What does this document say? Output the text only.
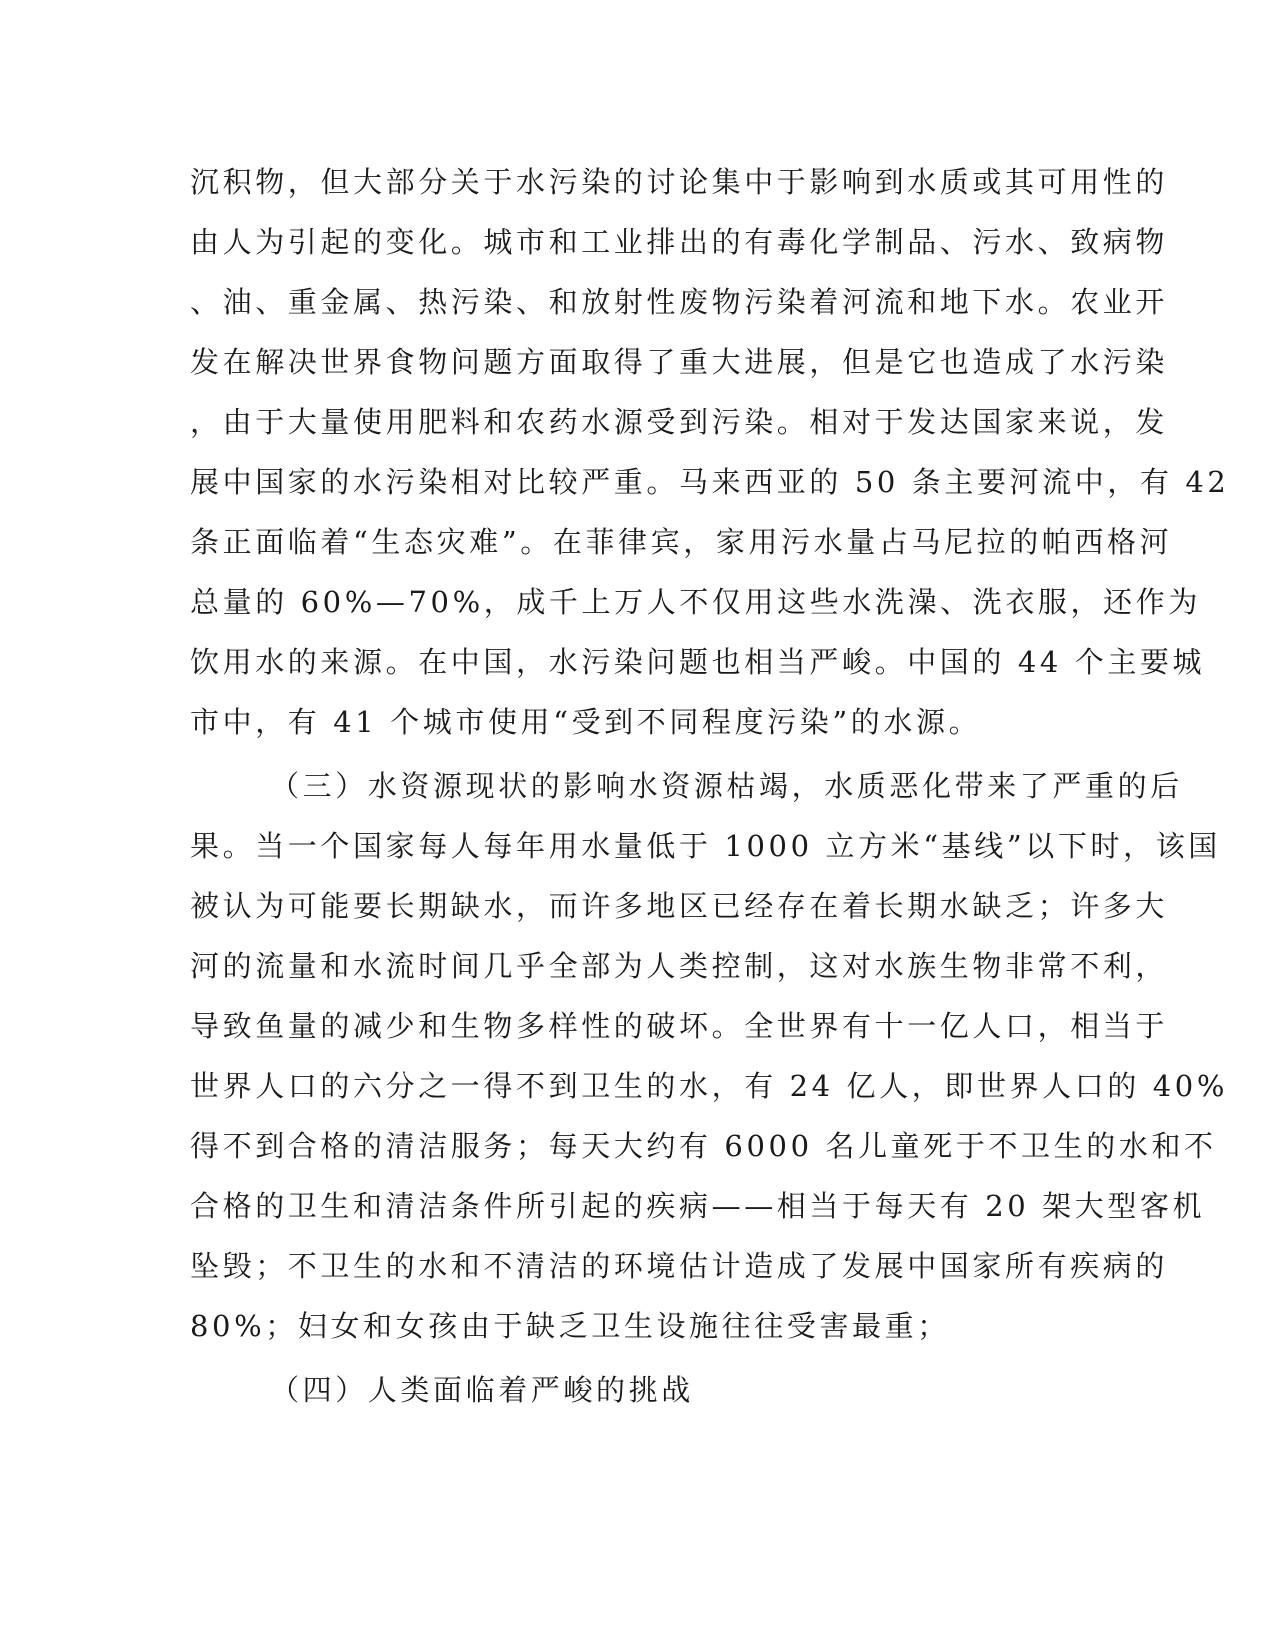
沉积物，但大部分关于水污染的讨论集中于影响到水质或其可用性的
由人为引起的变化。城市和工业排出的有毒化学制品、污水、致病物
、油、重金属、热污染、和放射性废物污染着河流和地下水。农业开
发在解决世界食物问题方面取得了重大进展，但是它也造成了水污染
，由于大量使用肥料和农药水源受到污染。相对于发达国家来说，发
展中国家的水污染相对比较严重。马来西亚的 50 条主要河流中，有 42
条正面临着“生态灾难”。在菲律宾，家用污水量占马尼拉的帕西格河
总量的 60%—70%，成千上万人不仅用这些水洗澡、洗衣服，还作为
饮用水的来源。在中国，水污染问题也相当严峻。中国的 44 个主要城
市中，有 41 个城市使用“受到不同程度污染”的水源。
（三）水资源现状的影响水资源枯竭，水质恶化带来了严重的后
果。当一个国家每人每年用水量低于 1000 立方米“基线”以下时，该国
被认为可能要长期缺水，而许多地区已经存在着长期水缺乏；许多大
河的流量和水流时间几乎全部为人类控制，这对水族生物非常不利，
导致鱼量的减少和生物多样性的破坏。全世界有十一亿人口，相当于
世界人口的六分之一得不到卫生的水，有 24 亿人，即世界人口的 40%
得不到合格的清洁服务；每天大约有 6000 名儿童死于不卫生的水和不
合格的卫生和清洁条件所引起的疾病——相当于每天有 20 架大型客机
坠毁；不卫生的水和不清洁的环境估计造成了发展中国家所有疾病的
80%；妇女和女孩由于缺乏卫生设施往往受害最重；
（四）人类面临着严峻的挑战
